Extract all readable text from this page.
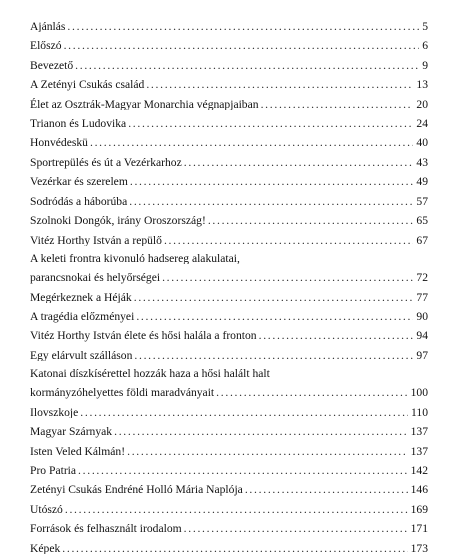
Ajánlás . . .	5
Előszó . . .	6
Bevezető . . .	9
A Zetényi Csukás család . . .	13
Élet az Osztrák-Magyar Monarchia végnapjaiban . . .	20
Trianon és Ludovika . . .	24
Honvédeskü . . .	40
Sportrepülés és út a Vezérkarhoz . . .	43
Vezérkar és szerelem . . .	49
Sodródás a háborúba . . .	57
Szolnoki Dongók, irány Oroszország! . . .	65
Vitéz Horthy István a repülő . . .	67
A keleti frontra kivonuló hadsereg alakulatai,
parancsnokai és helyőrségei . . .	72
Megérkeznek a Héják . . .	77
A tragédia előzményei . . .	90
Vitéz Horthy István élete és hősi halála a fronton . . .	94
Egy elárvult szálláson . . .	97
Katonai díszkísérettel hozzák haza a hősi halált halt
kormányzóhelyettes földi maradványait . . .	100
Ilovszkoje . . .	110
Magyar Szárnyak . . .	137
Isten Veled Kálmán! . . .	137
Pro Patria . . .	142
Zetényi Csukás Endréné Holló Mária Naplója . . .	146
Utószó . . .	169
Források és felhasznált irodalom . . .	171
Képek . . .	173
